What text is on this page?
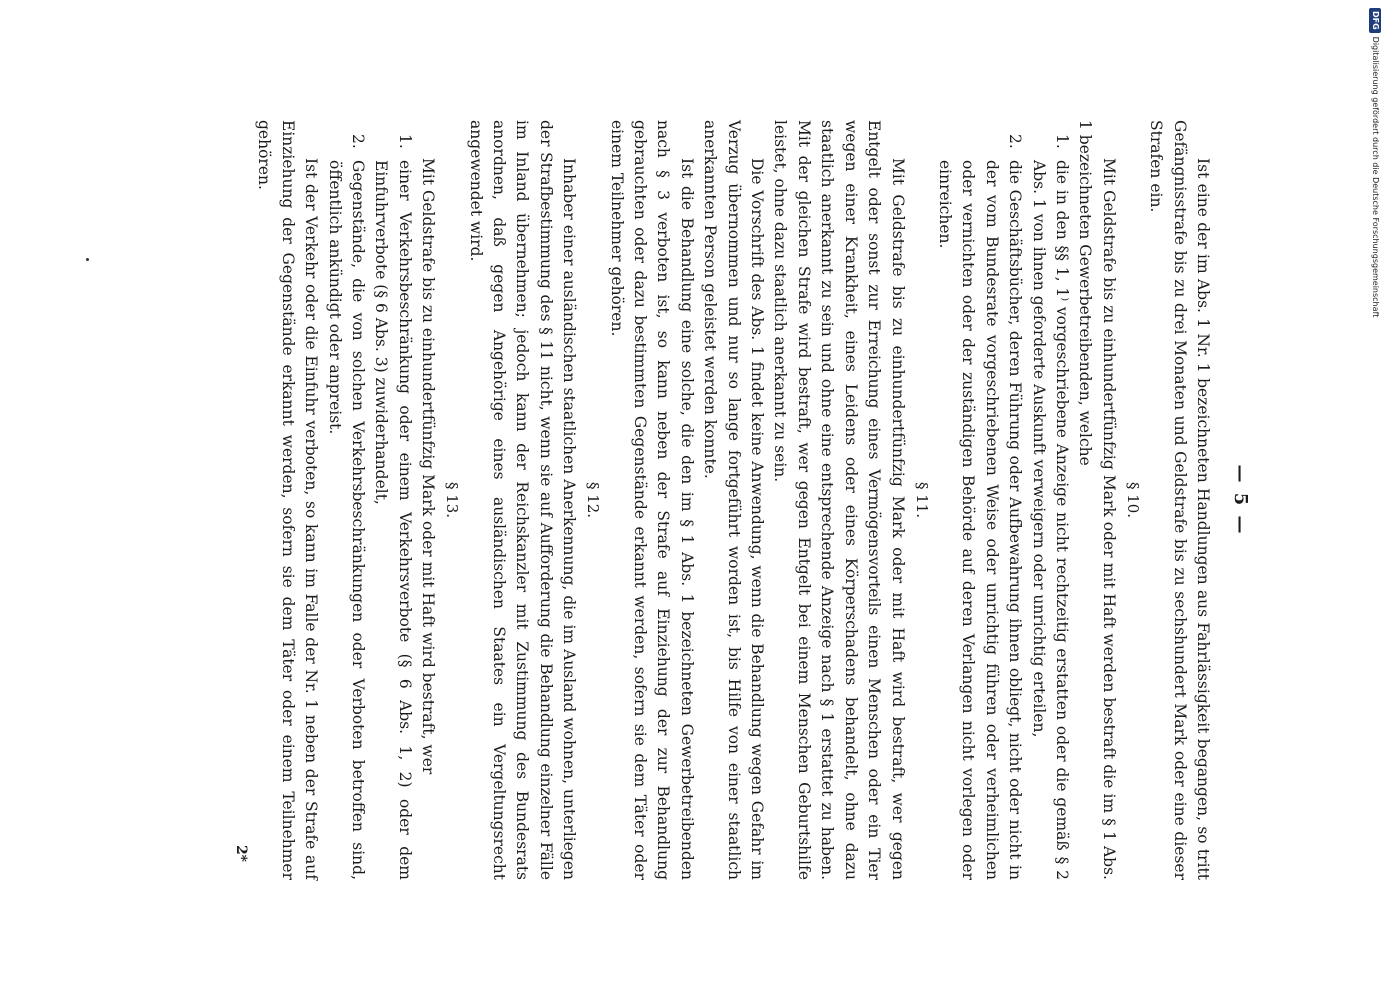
— 5 —

Ist eine der im Abs. 1 Nr. 1 bezeichneten Handlungen aus Fahrlässigkeit begangen, so tritt Gefängnisstrafe bis zu drei Monaten und Geldstrafe bis zu sechshundert Mark oder eine dieser Strafen ein.

§ 10.

Mit Geldstrafe bis zu einhundertfünfzig Mark oder mit Haft werden bestraft die im § 1 Abs. 1 bezeichneten Gewerbetreibenden, welche

1.
die in den §§ 1, 1⁾ vorgeschriebene Anzeige nicht rechtzeitig erstatten oder die gemäß § 2 Abs. 1 von ihnen geforderte Auskunft verweigern oder unrichtig erteilen,
2.
die Geschäftsbücher, deren Führung oder Aufbewahrung ihnen obliegt, nicht oder nicht in der vom Bundesrate vorgeschriebenen Weise oder unrichtig führen oder verheimlichen oder vernichten oder der zuständigen Behörde auf deren Verlangen nicht vorlegen oder einreichen.

§ 11.

Mit Geldstrafe bis zu einhundertfünfzig Mark oder mit Haft wird bestraft, wer gegen Entgelt oder sonst zur Erreichung eines Vermögensvorteils einen Menschen oder ein Tier wegen einer Krankheit, eines Leidens oder eines Körperschadens behandelt, ohne dazu staatlich anerkannt zu sein und ohne eine entsprechende Anzeige nach § 1 erstattet zu haben. Mit der gleichen Strafe wird bestraft, wer gegen Entgelt bei einem Menschen Geburtshilfe leistet, ohne dazu staatlich anerkannt zu sein.

Die Vorschrift des Abs. 1 findet keine Anwendung, wenn die Behandlung wegen Gefahr im Verzug übernommen und nur so lange fortgeführt worden ist, bis Hilfe von einer staatlich anerkannten Person geleistet werden konnte.

Ist die Behandlung eine solche, die den im § 1 Abs. 1 bezeichneten Gewerbetreibenden nach § 3 verboten ist, so kann neben der Strafe auf Einziehung der zur Behandlung gebrauchten oder dazu bestimmten Gegenstände erkannt werden, sofern sie dem Täter oder einem Teilnehmer gehören.

§ 12.

Inhaber einer ausländischen staatlichen Anerkennung, die im Ausland wohnen, unterliegen der Strafbestimmung des § 11 nicht, wenn sie auf Aufforderung die Behandlung einzelner Fälle im Inland übernehmen; jedoch kann der Reichskanzler mit Zustimmung des Bundesrats anordnen, daß gegen Angehörige eines ausländischen Staates ein Vergeltungsrecht angewendet wird.

§ 13.

Mit Geldstrafe bis zu einhundertfünfzig Mark oder mit Haft wird bestraft, wer

1.
einer Verkehrsbeschränkung oder einem Verkehrsverbote (§ 6 Abs. 1, 2) oder dem Einfuhrverbote (§ 6 Abs. 3) zuwiderhandelt,
2.
Gegenstände, die von solchen Verkehrsbeschränkungen oder Verboten betroffen sind, öffentlich ankündigt oder anpreist.

Ist der Verkehr oder die Einfuhr verboten, so kann im Falle der Nr. 1 neben der Strafe auf Einziehung der Gegenstände erkannt werden, sofern sie dem Täter oder einem Teilnehmer gehören.

2*

DFGDigitalisierung gefördert durch die Deutsche Forschungsgemeinschaft
